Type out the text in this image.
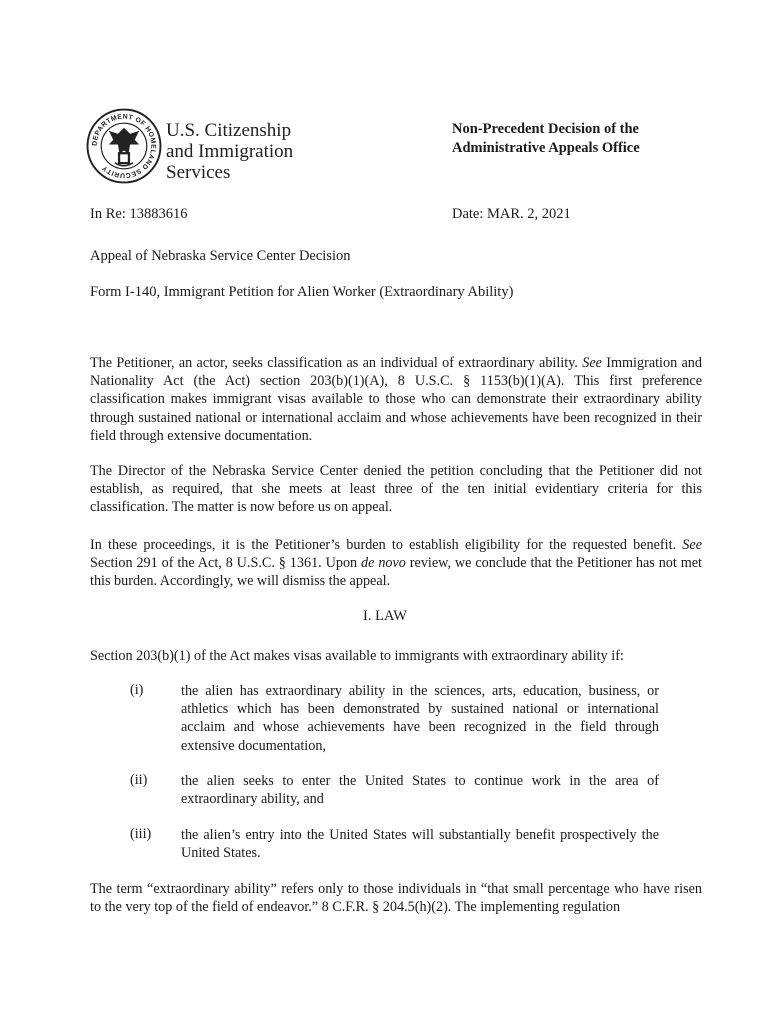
DEPARTMENT OF HOMELAND SECURITY
U.S. Citizenship
and Immigration
Services
Non-Precedent Decision of the
Administrative Appeals Office
In Re: 13883616	Date: MAR. 2, 2021
Appeal of Nebraska Service Center Decision
Form I-140, Immigrant Petition for Alien Worker (Extraordinary Ability)

The Petitioner, an actor, seeks classification as an individual of extraordinary ability. See Immigration and Nationality Act (the Act) section 203(b)(1)(A), 8 U.S.C. § 1153(b)(1)(A). This first preference classification makes immigrant visas available to those who can demonstrate their extraordinary ability through sustained national or international acclaim and whose achievements have been recognized in their field through extensive documentation.

The Director of the Nebraska Service Center denied the petition concluding that the Petitioner did not establish, as required, that she meets at least three of the ten initial evidentiary criteria for this classification. The matter is now before us on appeal.

In these proceedings, it is the Petitioner’s burden to establish eligibility for the requested benefit. See Section 291 of the Act, 8 U.S.C. § 1361. Upon de novo review, we conclude that the Petitioner has not met this burden. Accordingly, we will dismiss the appeal.

I. LAW

Section 203(b)(1) of the Act makes visas available to immigrants with extraordinary ability if:

(i)	the alien has extraordinary ability in the sciences, arts, education, business, or athletics which has been demonstrated by sustained national or international acclaim and whose achievements have been recognized in the field through extensive documentation,
(ii) the alien seeks to enter the United States to continue work in the area of extraordinary ability, and
(iii) the alien’s entry into the United States will substantially benefit prospectively the United States.

The term “extraordinary ability” refers only to those individuals in “that small percentage who have risen to the very top of the field of endeavor.” 8 C.F.R. § 204.5(h)(2). The implementing regulation
